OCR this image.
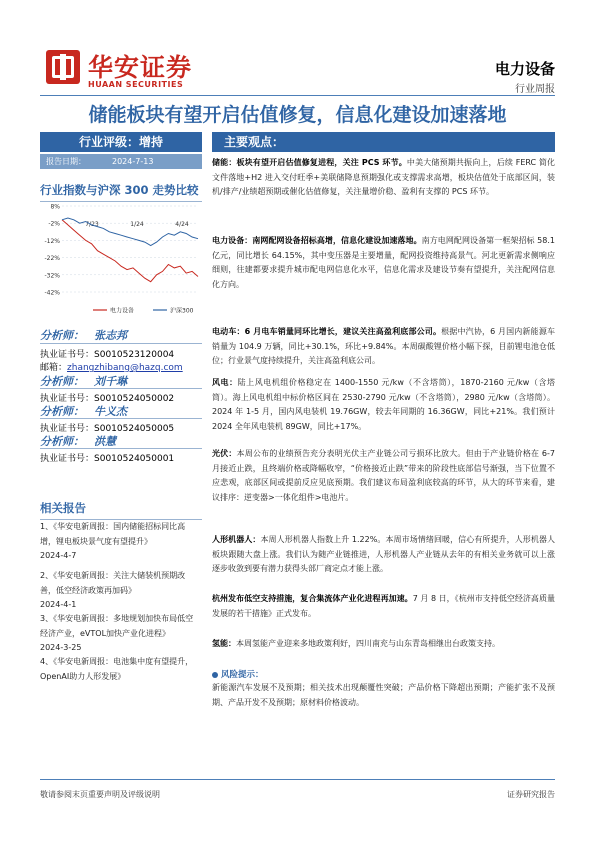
华安证券
HUAAN SECURITIES
电力设备
行业周报
储能板块有望开启估值修复，信息化建设加速落地
行业评级：增持
报告日期：	2024-7-13
行业指数与沪深 300 走势比较
8%
-2%
-12%
-22%
-32%
-42%
7/23	1/24	4/24
电力设备	沪深300
分析师： 张志邦
执业证书号：S0010523120004
邮箱：zhangzhibang@hazq.com
分析师： 刘千琳
执业证书号：S0010524050002
分析师： 牛义杰
执业证书号：S0010524050005
分析师： 洪慧
执业证书号：S0010524050001
相关报告
1、《华安电新周报：国内储能招标同比高增，锂电板块景气度有望提升》
2024-4-7
2、《华安电新周报：关注大储装机预期改善，低空经济政策再加码》
2024-4-1
3、《华安电新周报：多地规划加快布局低空经济产业，eVTOL加快产业化进程》
2024-3-25
4、《华安电新周报：电池集中度有望提升，OpenAI助力人形发展》
主要观点：
储能：板块有望开启估值修复进程，关注 PCS 环节。中美大储预期共振向上，后续 FERC 简化文件落地+H2 进入交付旺季+美联储降息预期强化或支撑需求高增，板块估值处于底部区间，装机/排产/业绩超预期或催化估值修复，关注量增价稳、盈利有支撑的 PCS 环节。
电力设备：南网配网设备招标高增，信息化建设加速落地。南方电网配网设备第一框架招标 58.1 亿元，同比增长 64.15%，其中变压器是主要增量，配网投资维持高景气。河北更新需求侧响应细则，往建都要求提升城市配电网信息化水平，信息化需求及建设节奏有望提升，关注配网信息化方向。
电动车：6 月电车销量同环比增长，建议关注高盈利底部公司。根据中汽协，6 月国内新能源车销量为 104.9 万辆，同比+30.1%，环比+9.84%。本周碳酸锂价格小幅下探，目前锂电池仓低位；行业景气度持续提升，关注高盈利底公司。
风电：陆上风电机组价格稳定在 1400-1550 元/kw（不含塔筒），1870-2160 元/kw（含塔筒）。海上风电机组中标价格区间在 2530-2790 元/kw（不含塔筒），2980 元/kw（含塔筒）。2024 年 1-5 月，国内风电装机 19.76GW，较去年同期的 16.36GW，同比+21%。我们预计 2024 全年风电装机 89GW，同比+17%。
光伏：本周公布的业绩预告充分表明光伏主产业链公司亏损环比放大。但由于产业链价格在 6-7 月接近止跌，且终端价格或降幅收窄，“价格接近止跌”带来的阶段性底部信号渐强，当下位置不应悲观，底部区间或提前反应见底预期。我们建议布局盈利底较高的环节，从大的环节来看，建议排序：逆变器>一体化组件>电池片。
人形机器人：本周人形机器人指数上升 1.22%。本周市场情绪回暖，信心有所提升，人形机器人板块跟随大盘上涨。我们认为随产业链推进，人形机器人产业链从去年的有相关业务就可以上涨逐步收敛到要有潜力获得头部厂商定点才能上涨。
杭州发布低空支持措施，复合集流体产业化进程再加速。7 月 8 日，《杭州市支持低空经济高质量发展的若干措施》正式发布。
氢能：本周氢能产业迎来多地政策利好，四川南充与山东青岛相继出台政策支持。
风险提示：
新能源汽车发展不及预期；相关技术出现颠覆性突破；产品价格下降超出预期；产能扩张不及预期、产品开发不及预期；原材料价格波动。
敬请参阅末页重要声明及评级说明	证券研究报告
